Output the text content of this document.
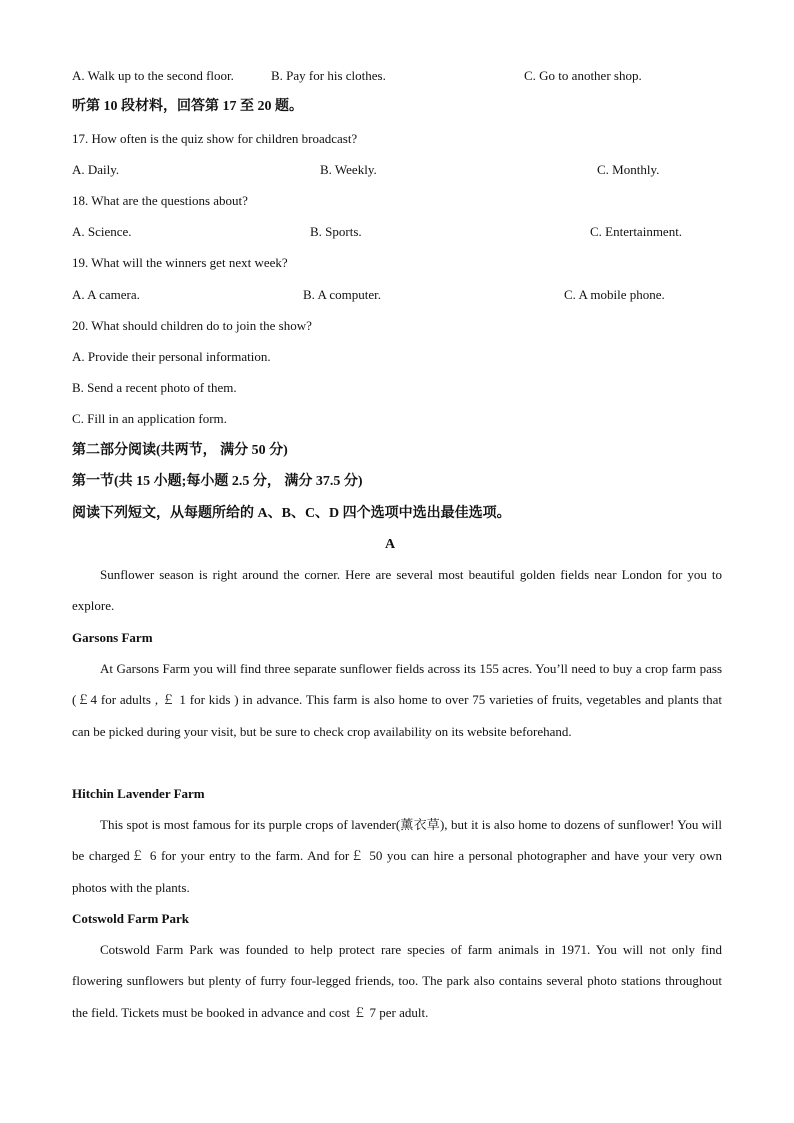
A. Walk up to the second floor.	B. Pay for his clothes.	C. Go to another shop.
听第 10 段材料，回答第 17 至 20 题。
17. How often is the quiz show for children broadcast?
A. Daily.	B. Weekly.	C. Monthly.
18. What are the questions about?
A. Science.	B. Sports.	C. Entertainment.
19. What will the winners get next week?
A. A camera.	B. A computer.	C. A mobile phone.
20. What should children do to join the show?
A. Provide their personal information.
B. Send a recent photo of them.
C. Fill in an application form.
第二部分阅读(共两节， 满分 50 分)
第一节(共 15 小题;每小题 2.5 分， 满分 37.5 分)
阅读下列短文，从每题所给的 A、B、C、D 四个选项中选出最佳选项。
A
Sunflower season is right around the corner. Here are several most beautiful golden fields near London for you to explore.
Garsons Farm
At Garsons Farm you will find three separate sunflower fields across its 155 acres. You’ll need to buy a crop farm pass (￡4 for adults , ￡ 1 for kids ) in advance. This farm is also home to over 75 varieties of fruits, vegetables and plants that can be picked during your visit, but be sure to check crop availability on its website beforehand.
Hitchin Lavender Farm
This spot is most famous for its purple crops of lavender(薰衣草), but it is also home to dozens of sunflower! You will be charged￡ 6 for your entry to the farm. And for￡ 50 you can hire a personal photographer and have your very own photos with the plants.
Cotswold Farm Park
Cotswold Farm Park was founded to help protect rare species of farm animals in 1971. You will not only find flowering sunflowers but plenty of furry four-legged friends, too. The park also contains several photo stations throughout the field. Tickets must be booked in advance and cost ￡ 7 per adult.
